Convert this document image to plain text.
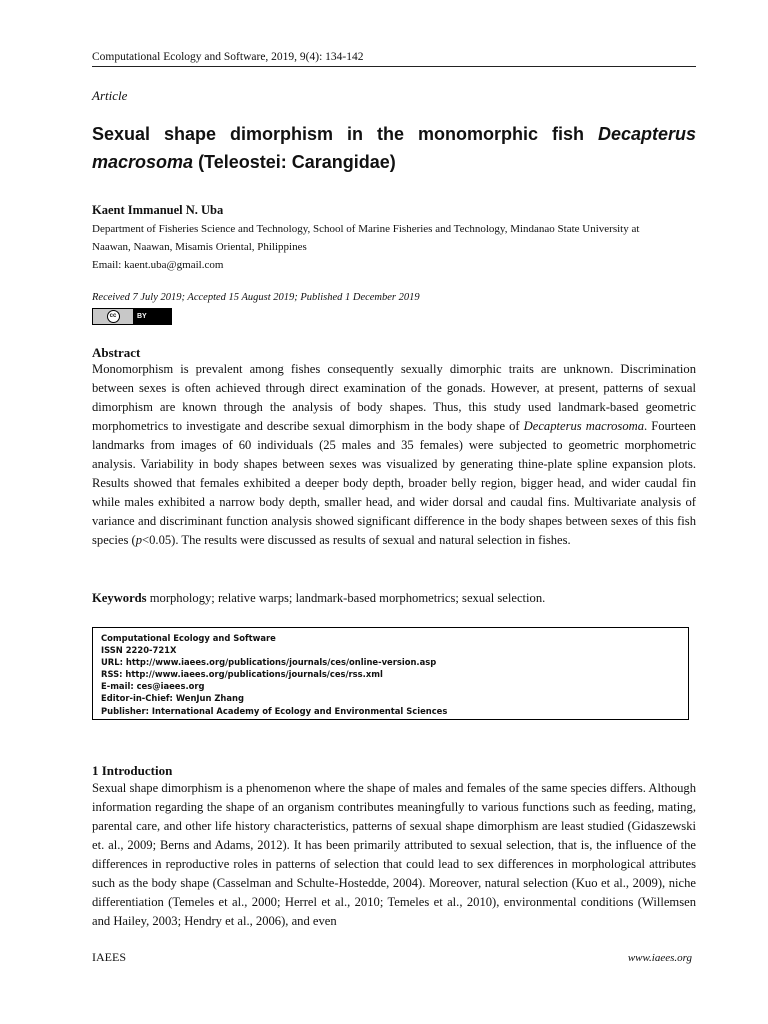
Computational Ecology and Software, 2019, 9(4): 134-142
Article
Sexual shape dimorphism in the monomorphic fish Decapterus macrosoma (Teleostei: Carangidae)
Kaent Immanuel N. Uba
Department of Fisheries Science and Technology, School of Marine Fisheries and Technology, Mindanao State University at
Naawan, Naawan, Misamis Oriental, Philippines
Email: kaent.uba@gmail.com
Received 7 July 2019; Accepted 15 August 2019; Published 1 December 2019
cc	BY
Abstract

Monomorphism is prevalent among fishes consequently sexually dimorphic traits are unknown. Discrimination between sexes is often achieved through direct examination of the gonads. However, at present, patterns of sexual dimorphism are known through the analysis of body shapes. Thus, this study used landmark-based geometric morphometrics to investigate and describe sexual dimorphism in the body shape of Decapterus macrosoma. Fourteen landmarks from images of 60 individuals (25 males and 35 females) were subjected to geometric morphometric analysis. Variability in body shapes between sexes was visualized by generating thine-plate spline expansion plots. Results showed that females exhibited a deeper body depth, broader belly region, bigger head, and wider caudal fin while males exhibited a narrow body depth, smaller head, and wider dorsal and caudal fins. Multivariate analysis of variance and discriminant function analysis showed significant difference in the body shapes between sexes of this fish species (p<0.05). The results were discussed as results of sexual and natural selection in fishes.

Keywords morphology; relative warps; landmark-based morphometrics; sexual selection.
Computational Ecology and Software
ISSN 2220-721X
URL: http://www.iaees.org/publications/journals/ces/online-version.asp
RSS: http://www.iaees.org/publications/journals/ces/rss.xml
E-mail: ces@iaees.org
Editor-in-Chief: WenJun Zhang
Publisher: International Academy of Ecology and Environmental Sciences
1 Introduction

Sexual shape dimorphism is a phenomenon where the shape of males and females of the same species differs. Although information regarding the shape of an organism contributes meaningfully to various functions such as feeding, mating, parental care, and other life history characteristics, patterns of sexual shape dimorphism are least studied (Gidaszewski et. al., 2009; Berns and Adams, 2012). It has been primarily attributed to sexual selection, that is, the influence of the differences in reproductive roles in patterns of selection that could lead to sex differences in morphological attributes such as the body shape (Casselman and Schulte-Hostedde, 2004). Moreover, natural selection (Kuo et al., 2009), niche differentiation (Temeles et al., 2000; Herrel et al., 2010; Temeles et al., 2010), environmental conditions (Willemsen and Hailey, 2003; Hendry et al., 2006), and even

IAEES	www.iaees.org
